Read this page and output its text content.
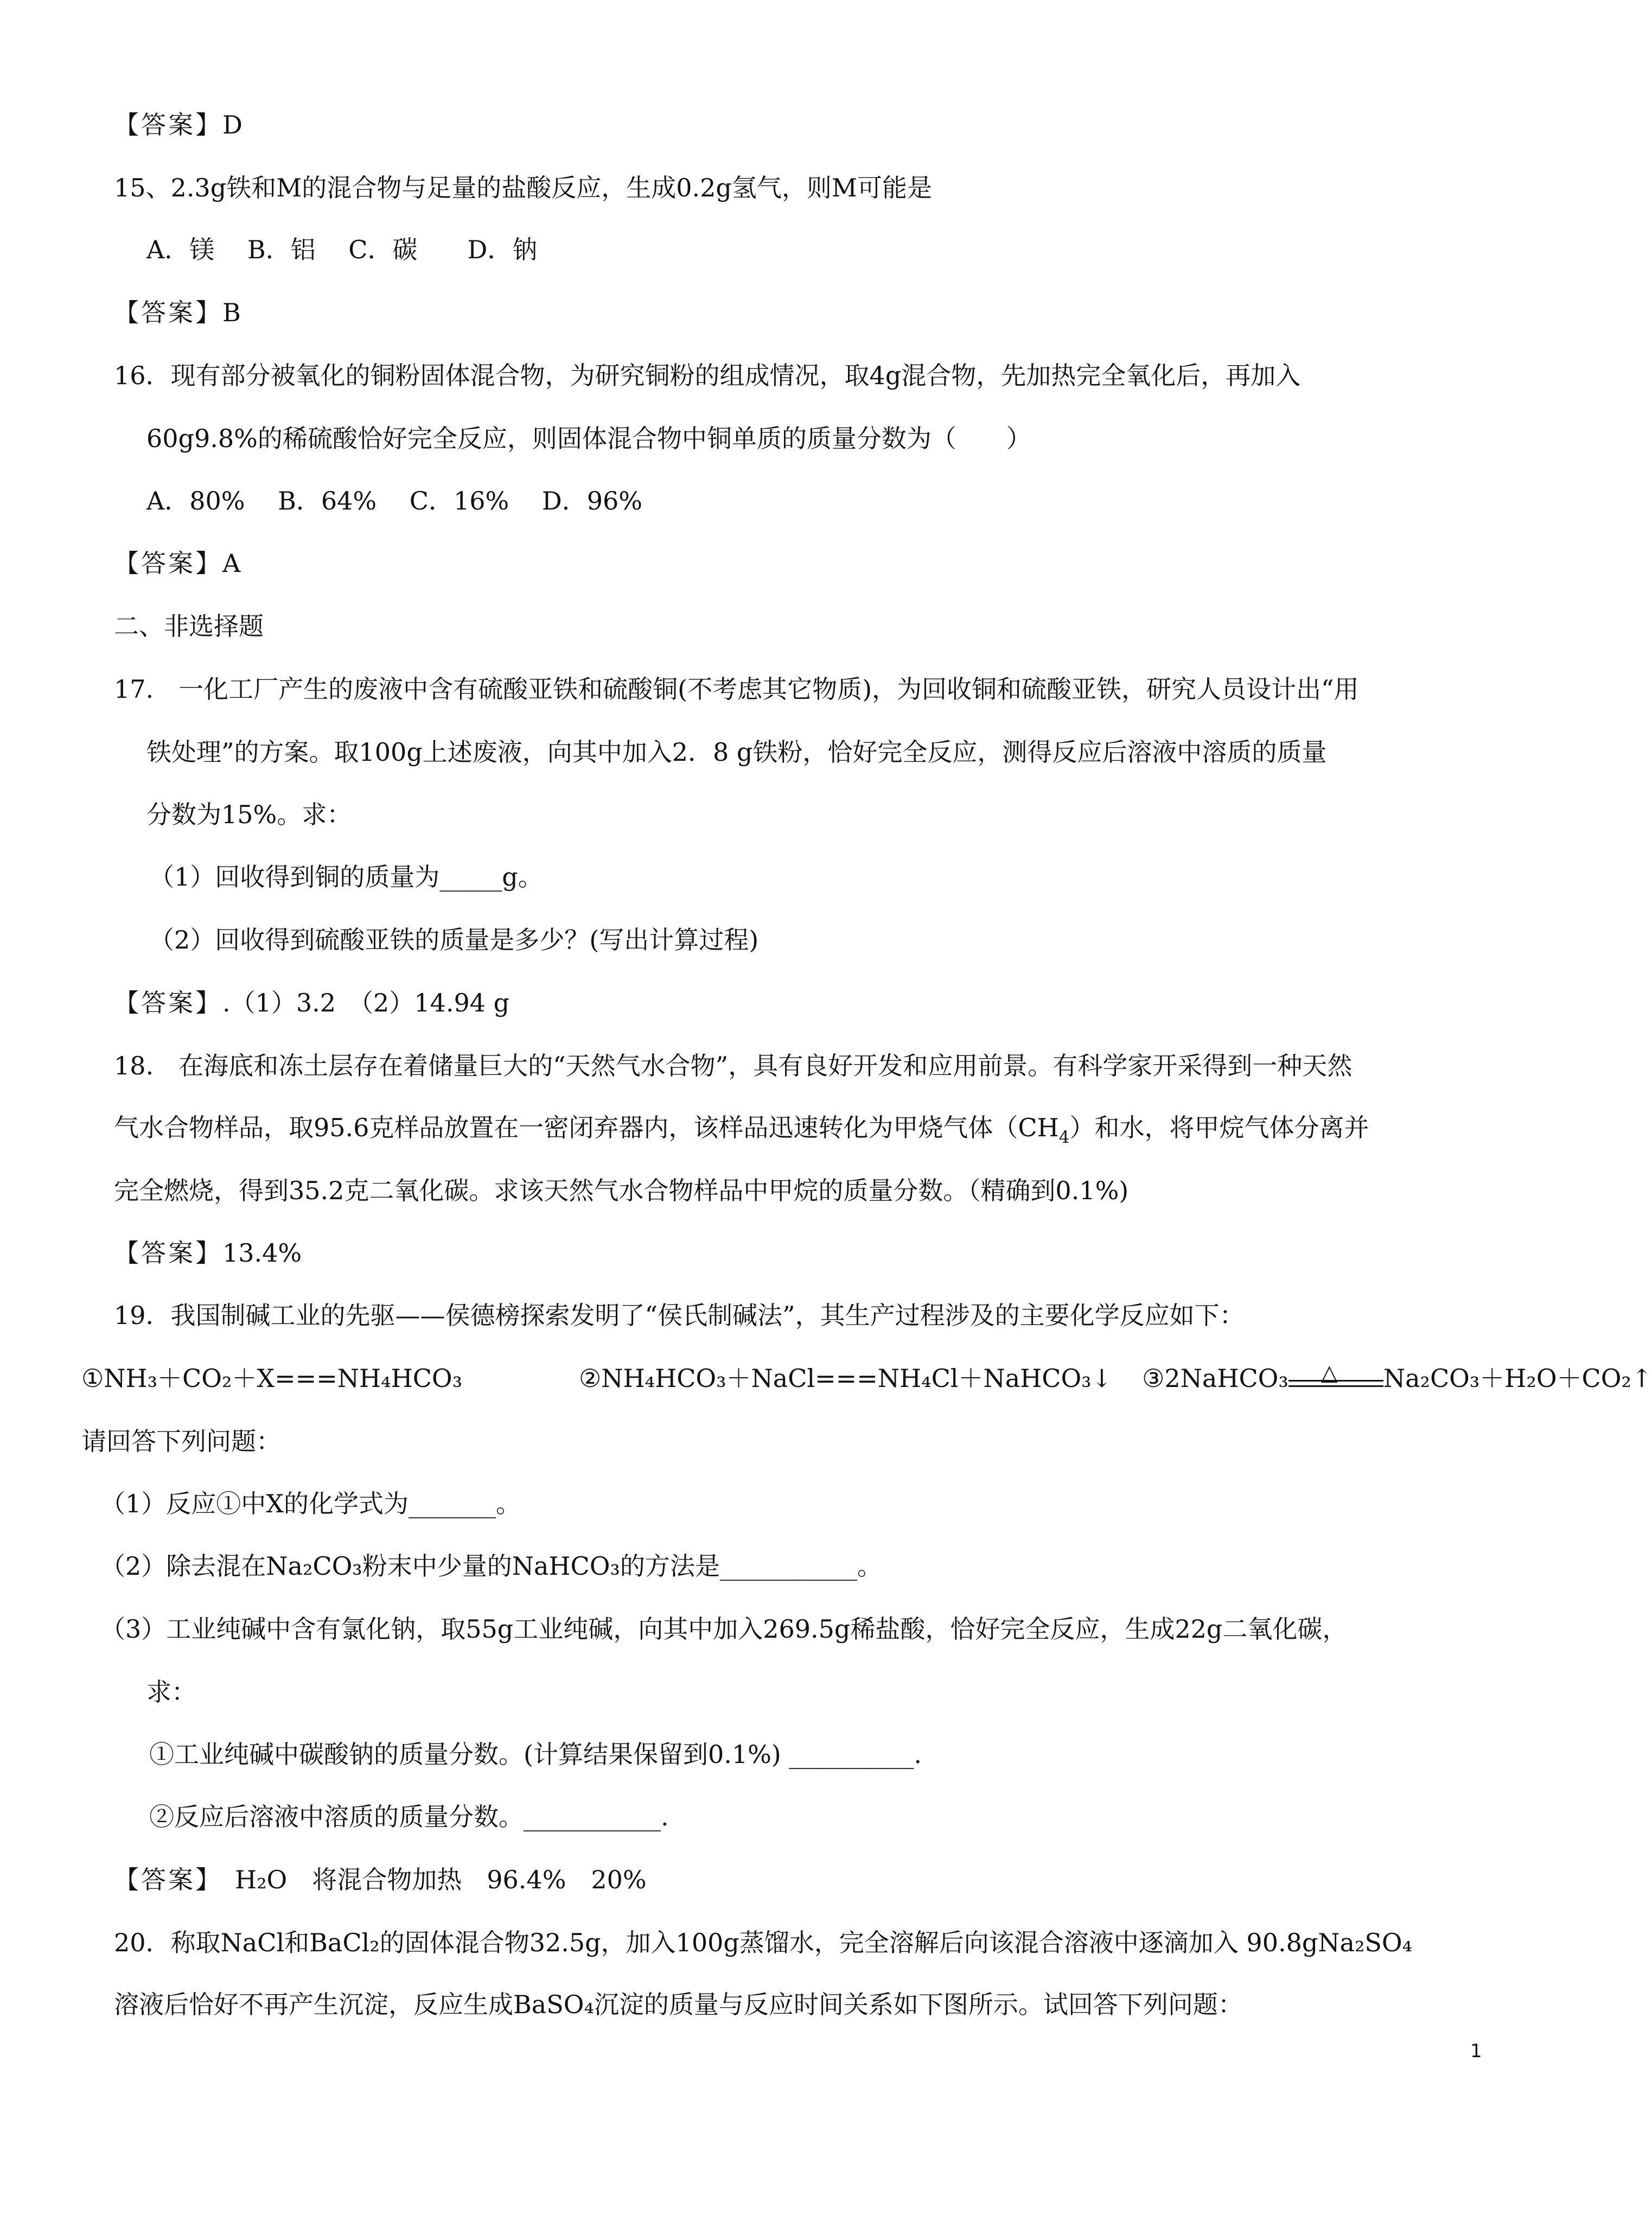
【答案】D
15、2.3g铁和M的混合物与足量的盐酸反应，生成0.2g氢气，则M可能是
A．镁　 B．铝　 C．碳　　D．钠
【答案】B
16．现有部分被氧化的铜粉固体混合物，为研究铜粉的组成情况，取4g混合物，先加热完全氧化后，再加入
60g9.8%的稀硫酸恰好完全反应，则固体混合物中铜单质的质量分数为（　　）
A．80%　 B．64%　 C．16%　 D．96%
【答案】A
二、非选择题
17.　一化工厂产生的废液中含有硫酸亚铁和硫酸铜(不考虑其它物质)，为回收铜和硫酸亚铁，研究人员设计出“用
铁处理”的方案。取100g上述废液，向其中加入2．8 g铁粉，恰好完全反应，测得反应后溶液中溶质的质量
分数为15%。求：
（1）回收得到铜的质量为_____g。
（2）回收得到硫酸亚铁的质量是多少？(写出计算过程)
【答案】.（1）3.2　（2）14.94 g
18.　在海底和冻土层存在着储量巨大的“天然气水合物”，具有良好开发和应用前景。有科学家开采得到一种天然
气水合物样品，取95.6克样品放置在一密闭弃器内，该样品迅速转化为甲烧气体$(CH_4)$和水，将甲烷气体分离并
完全燃烧，得到35.2克二氧化碳。求该天然气水合物样品中甲烷的质量分数。（精确到0.1%)
【答案】13.4%
19．我国制碱工业的先驱——侯德榜探索发明了“侯氏制碱法”，其生产过程涉及的主要化学反应如下：
①NH₃＋CO₂＋X===NH₄HCO₃	②NH₄HCO₃＋NaCl===NH₄Cl＋NaHCO₃↓ ③2NaHCO₃ △ Na₂CO₃＋H₂O＋CO₂↑
请回答下列问题：
（1）反应①中X的化学式为_______。
（2）除去混在Na₂CO₃粉末中少量的NaHCO₃的方法是___________。
（3）工业纯碱中含有氯化钠，取55g工业纯碱，向其中加入269.5g稀盐酸，恰好完全反应，生成22g二氧化碳，
求：
①工业纯碱中碳酸钠的质量分数。(计算结果保留到0.1%) __________.
②反应后溶液中溶质的质量分数。___________.
【答案】　H₂O　将混合物加热　96.4%　20%
20．称取NaCl和BaCl₂的固体混合物32.5g，加入100g蒸馏水，完全溶解后向该混合溶液中逐滴加入 90.8gNa₂SO₄
溶液后恰好不再产生沉淀，反应生成BaSO₄沉淀的质量与反应时间关系如下图所示。试回答下列问题：
1
